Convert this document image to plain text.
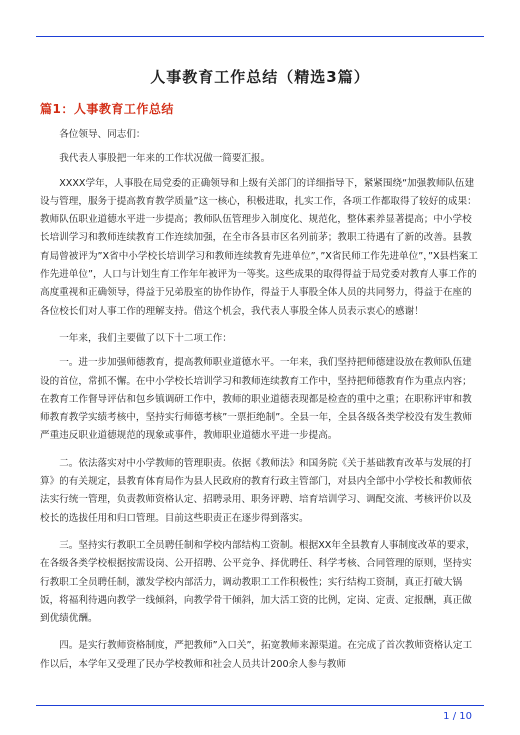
人事教育工作总结（精选3篇）
篇1：人事教育工作总结

各位领导、同志们：

我代表人事股把一年来的工作状况做一简要汇报。

XXXX学年，人事股在局党委的正确领导和上级有关部门的详细指导下，紧紧围绕“加强教师队伍建设与管理，服务于提高教育教学质量”这一核心，积极进取，扎实工作，各项工作都取得了较好的成果：教师队伍职业道德水平进一步提高；教师队伍管理步入制度化、规范化，整体素养显著提高；中小学校长培训学习和教师连续教育工作连续加强，在全市各县市区名列前茅；教职工待遇有了新的改善。县教育局曾被评为”X省中小学校长培训学习和教师连续教育先进单位”，”X省民师工作先进单位”，”X县档案工作先进单位”，人口与计划生育工作年年被评为一等奖。这些成果的取得得益于局党委对教育人事工作的高度重视和正确领导，得益于兄弟股室的协作协作，得益于人事股全体人员的共同努力，得益于在座的各位校长们对人事工作的理解支持。借这个机会，我代表人事股全体人员表示衷心的感谢！

一年来，我们主要做了以下十二项工作：

一。进一步加强师德教育，提高教师职业道德水平。一年来，我们坚持把师德建设放在教师队伍建设的首位，常抓不懈。在中小学校长培训学习和教师连续教育工作中，坚持把师德教育作为重点内容；在教育工作督导评估和包乡镇调研工作中，教师的职业道德表现都是检查的重中之重；在职称评审和教师教育教学实绩考核中，坚持实行师德考核”一票拒绝制”。全县一年，全县各级各类学校没有发生教师严重违反职业道德规范的现象或事件，教师职业道德水平进一步提高。

二。依法落实对中小学教师的管理职责。依据《教师法》和国务院《关于基础教育改革与发展的打算》的有关规定，县教育体育局作为县人民政府的教育行政主管部门，对县内全部中小学校长和教师依法实行统一管理，负责教师资格认定、招聘录用、职务评聘、培育培训学习、调配交流、考核评价以及校长的选拔任用和归口管理。目前这些职责正在逐步得到落实。

三。坚持实行教职工全员聘任制和学校内部结构工资制。根据XX年全县教育人事制度改革的要求，在各级各类学校根据按需设岗、公开招聘、公平竞争、择优聘任、科学考核、合同管理的原则，坚持实行教职工全员聘任制，激发学校内部活力，调动教职工工作积极性；实行结构工资制，真正打破大锅饭，将福利待遇向教学一线倾斜，向教学骨干倾斜，加大活工资的比例，定岗、定责、定报酬，真正做到优绩优酬。

四。是实行教师资格制度，严把教师”入口关”，拓宽教师来源渠道。在完成了首次教师资格认定工作以后，本学年又受理了民办学校教师和社会人员共计200余人参与教师

1 / 10
